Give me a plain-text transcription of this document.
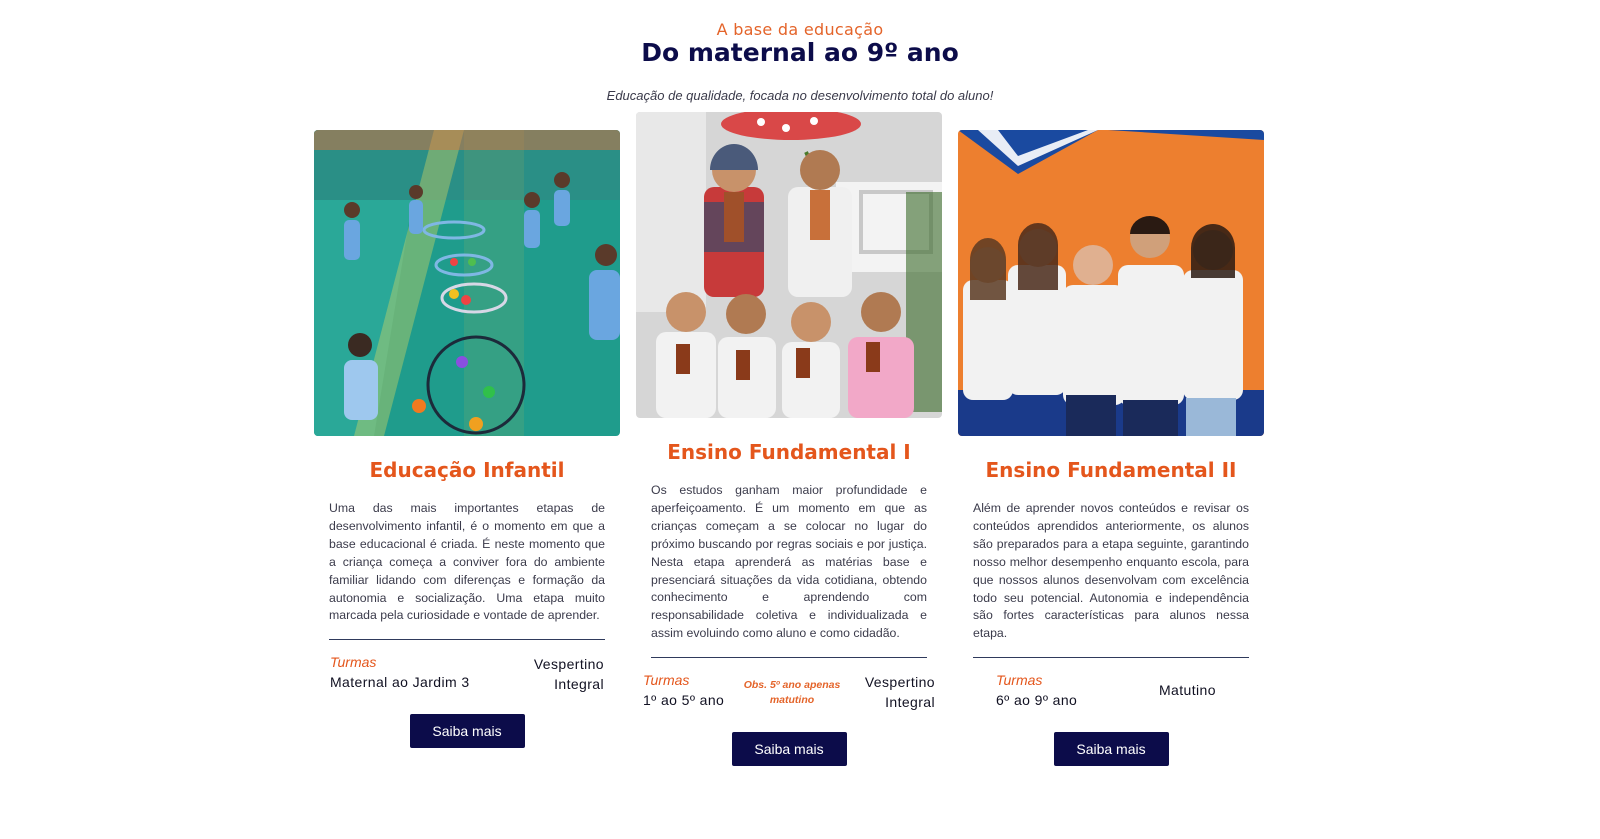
A base da educação
Do maternal ao 9º ano
Educação de qualidade, focada no desenvolvimento total do aluno!
Educação Infantil

Uma das mais importantes etapas de desenvolvimento infantil, é o momento em que a base educacional é criada. É neste momento que a criança começa a conviver fora do ambiente familiar lidando com diferenças e formação da autonomia e socialização. Uma etapa muito marcada pela curiosidade e vontade de aprender.

Turmas
Maternal ao Jardim 3
Vespertino
Integral
Saiba mais
Ensino Fundamental I

Os estudos ganham maior profundidade e aperfeiçoamento. É um momento em que as crianças começam a se colocar no lugar do próximo buscando por regras sociais e por justiça. Nesta etapa aprenderá as matérias base e presenciará situações da vida cotidiana, obtendo conhecimento e aprendendo com responsabilidade coletiva e individualizada e assim evoluindo como aluno e como cidadão.

Turmas
1º ao 5º ano
Obs. 5º ano apenas matutino
Vespertino
Integral
Saiba mais
Ensino Fundamental II

Além de aprender novos conteúdos e revisar os conteúdos aprendidos anteriormente, os alunos são preparados para a etapa seguinte, garantindo nosso melhor desempenho enquanto escola, para que nossos alunos desenvolvam com excelência todo seu potencial. Autonomia e independência são fortes características para alunos nessa etapa.

Turmas
6º ao 9º ano
Matutino
Saiba mais
